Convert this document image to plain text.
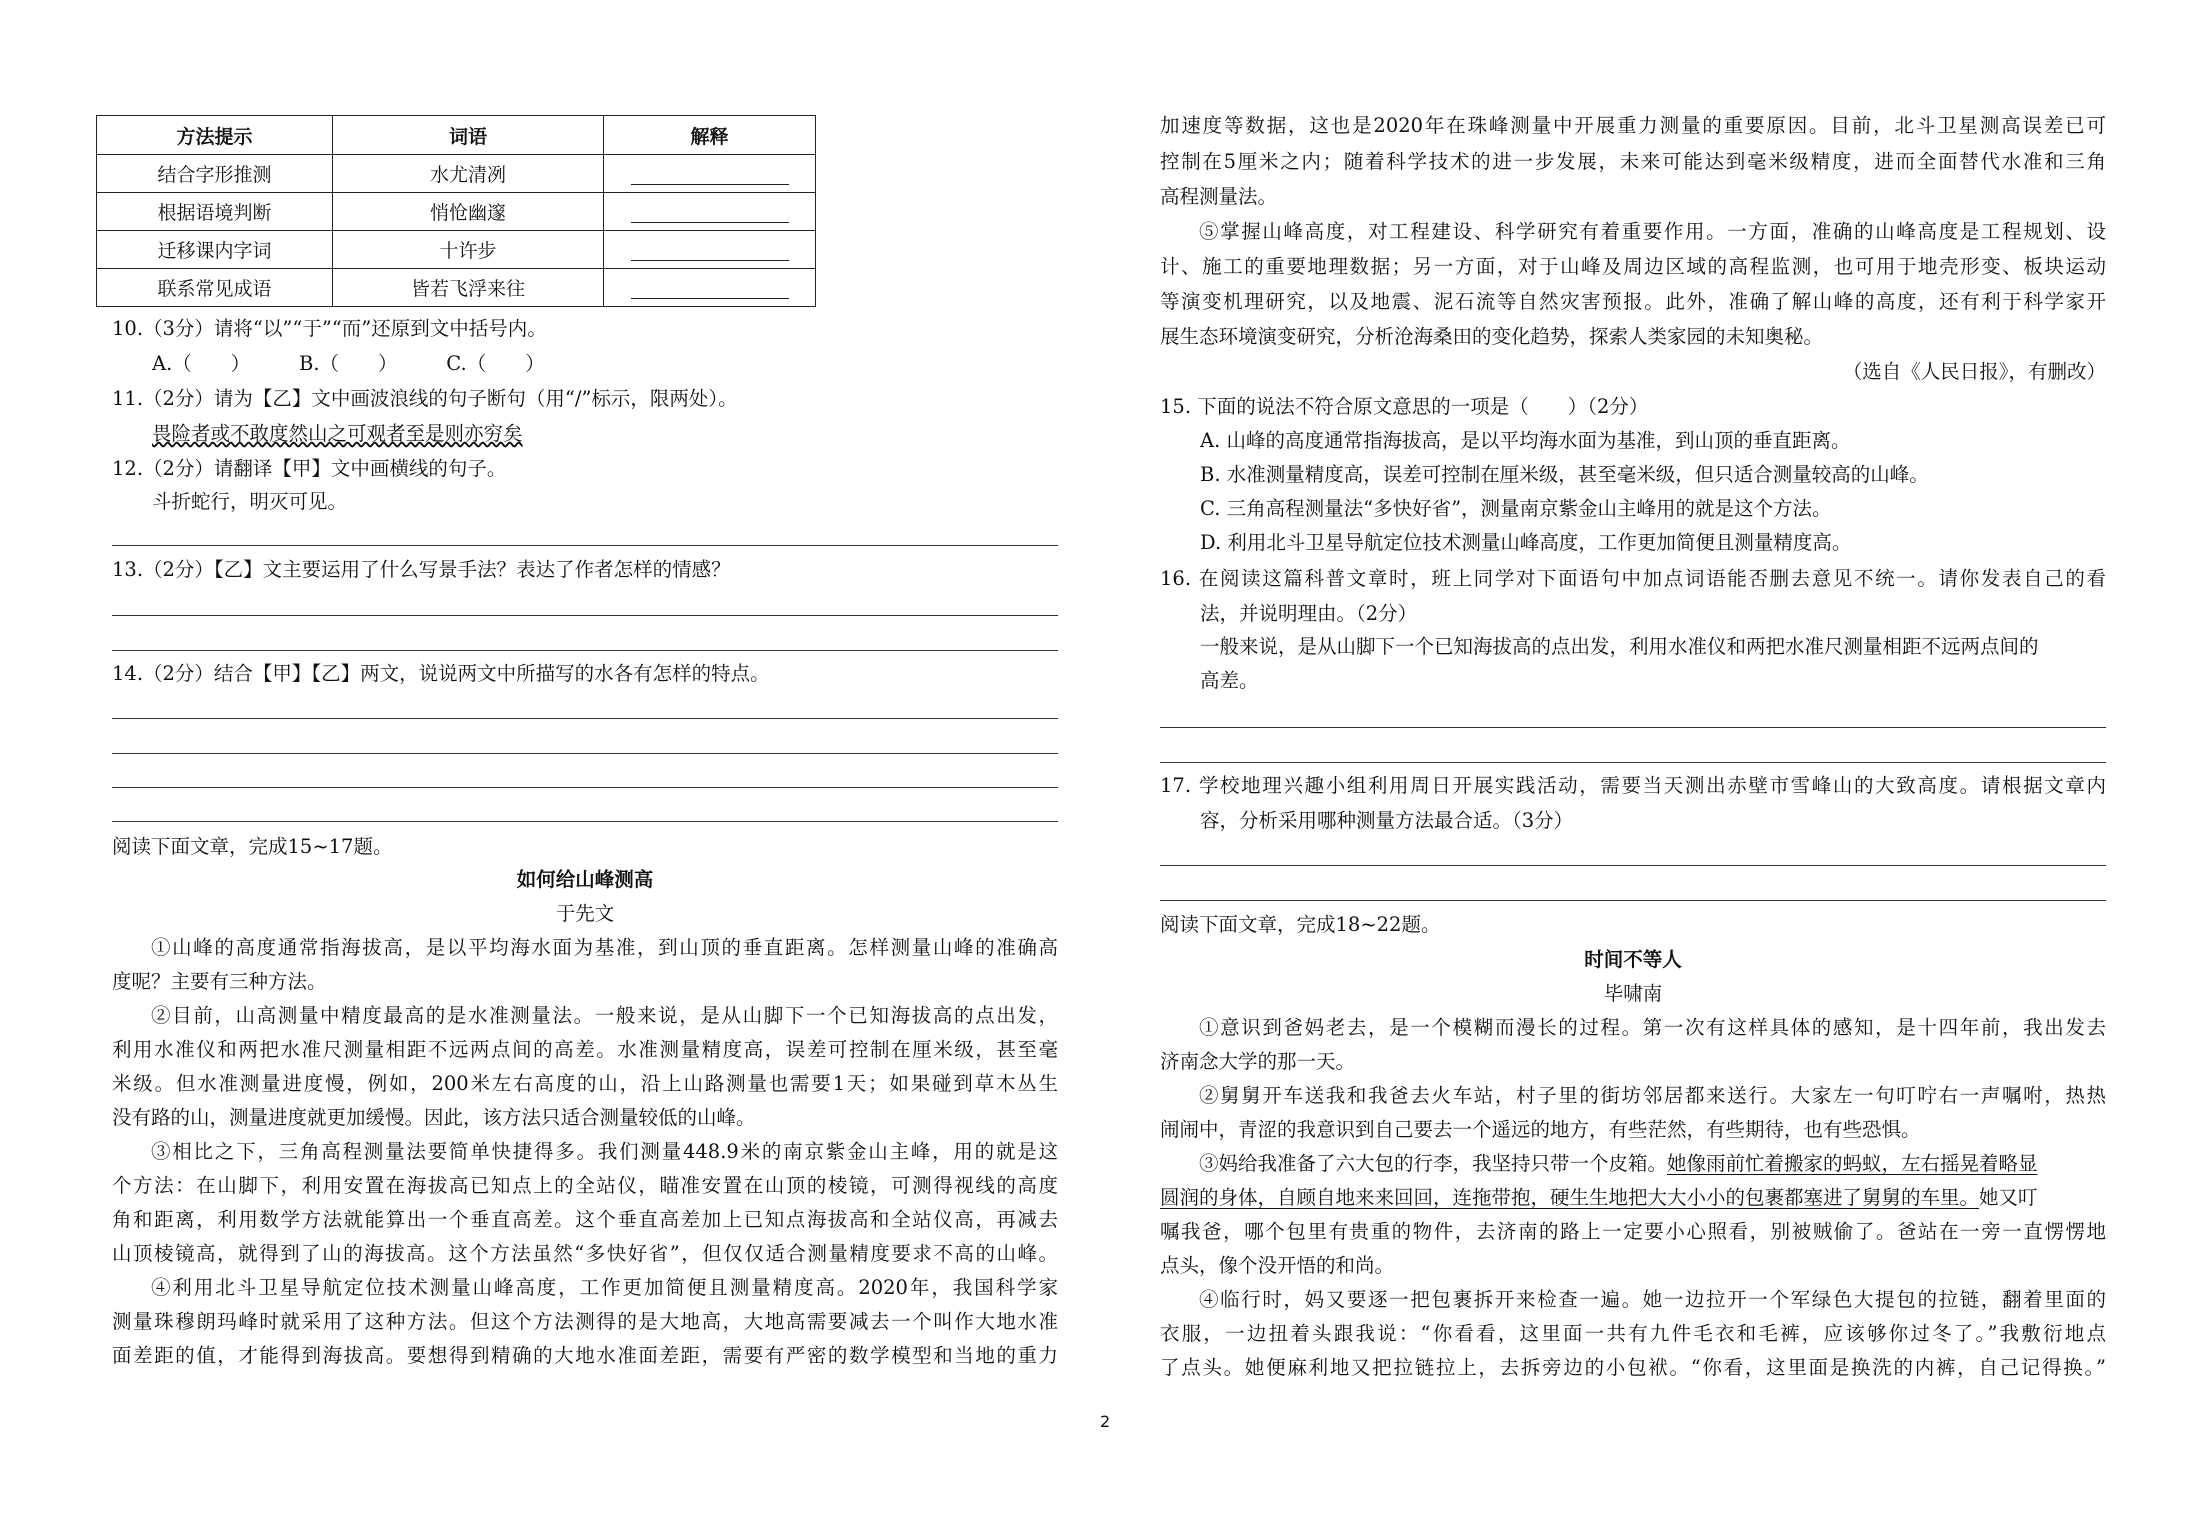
方法提示	词语	解释
结合字形推测	水尤清冽	
根据语境判断	悄怆幽邃	
迁移课内字词	十许步	
联系常见成语	皆若飞浮来往	
10.（3分）请将“以”“于”“而”还原到文中括号内。
A.（　　）　　　B.（　　）　　　C.（　　）
11.（2分）请为【乙】文中画波浪线的句子断句（用“/”标示，限两处）。
畏险者或不敢度然山之可观者至是则亦穷矣
12.（2分）请翻译【甲】文中画横线的句子。
斗折蛇行，明灭可见。
13.（2分）【乙】文主要运用了什么写景手法？表达了作者怎样的情感？
14.（2分）结合【甲】【乙】两文，说说两文中所描写的水各有怎样的特点。
阅读下面文章，完成15~17题。
如何给山峰测高
于先文
①山峰的高度通常指海拔高，是以平均海水面为基准，到山顶的垂直距离。怎样测量山峰的准确高
度呢？主要有三种方法。
②目前，山高测量中精度最高的是水准测量法。一般来说，是从山脚下一个已知海拔高的点出发，
利用水准仪和两把水准尺测量相距不远两点间的高差。水准测量精度高，误差可控制在厘米级，甚至毫
米级。但水准测量进度慢，例如，200米左右高度的山，沿上山路测量也需要1天；如果碰到草木丛生
没有路的山，测量进度就更加缓慢。因此，该方法只适合测量较低的山峰。
③相比之下，三角高程测量法要简单快捷得多。我们测量448.9米的南京紫金山主峰，用的就是这
个方法：在山脚下，利用安置在海拔高已知点上的全站仪，瞄准安置在山顶的棱镜，可测得视线的高度
角和距离，利用数学方法就能算出一个垂直高差。这个垂直高差加上已知点海拔高和全站仪高，再减去
山顶棱镜高，就得到了山的海拔高。这个方法虽然“多快好省”，但仅仅适合测量精度要求不高的山峰。
④利用北斗卫星导航定位技术测量山峰高度，工作更加简便且测量精度高。2020年，我国科学家
测量珠穆朗玛峰时就采用了这种方法。但这个方法测得的是大地高，大地高需要减去一个叫作大地水准
面差距的值，才能得到海拔高。要想得到精确的大地水准面差距，需要有严密的数学模型和当地的重力
加速度等数据，这也是2020年在珠峰测量中开展重力测量的重要原因。目前，北斗卫星测高误差已可
控制在5厘米之内；随着科学技术的进一步发展，未来可能达到毫米级精度，进而全面替代水准和三角
高程测量法。
⑤掌握山峰高度，对工程建设、科学研究有着重要作用。一方面，准确的山峰高度是工程规划、设
计、施工的重要地理数据；另一方面，对于山峰及周边区域的高程监测，也可用于地壳形变、板块运动
等演变机理研究，以及地震、泥石流等自然灾害预报。此外，准确了解山峰的高度，还有利于科学家开
展生态环境演变研究，分析沧海桑田的变化趋势，探索人类家园的未知奥秘。
（选自《人民日报》，有删改）
15. 下面的说法不符合原文意思的一项是（　　）（2分）
A. 山峰的高度通常指海拔高，是以平均海水面为基准，到山顶的垂直距离。
B. 水准测量精度高，误差可控制在厘米级，甚至毫米级，但只适合测量较高的山峰。
C. 三角高程测量法“多快好省”，测量南京紫金山主峰用的就是这个方法。
D. 利用北斗卫星导航定位技术测量山峰高度，工作更加简便且测量精度高。
16. 在阅读这篇科普文章时，班上同学对下面语句中加点词语能否删去意见不统一。请你发表自己的看
法，并说明理由。（2分）
一般来说，是从山脚下一个已知海拔高的点出发，利用水准仪和两把水准尺测量相距不远两点间的
高差。
17. 学校地理兴趣小组利用周日开展实践活动，需要当天测出赤壁市雪峰山的大致高度。请根据文章内
容，分析采用哪种测量方法最合适。（3分）
阅读下面文章，完成18~22题。
时间不等人
毕啸南
①意识到爸妈老去，是一个模糊而漫长的过程。第一次有这样具体的感知，是十四年前，我出发去
济南念大学的那一天。
②舅舅开车送我和我爸去火车站，村子里的街坊邻居都来送行。大家左一句叮咛右一声嘱咐，热热
闹闹中，青涩的我意识到自己要去一个遥远的地方，有些茫然，有些期待，也有些恐惧。
③妈给我准备了六大包的行李，我坚持只带一个皮箱。她像雨前忙着搬家的蚂蚁，左右摇晃着略显
圆润的身体，自顾自地来来回回，连拖带抱，硬生生地把大大小小的包裹都塞进了舅舅的车里。她又叮
嘱我爸，哪个包里有贵重的物件，去济南的路上一定要小心照看，别被贼偷了。爸站在一旁一直愣愣地
点头，像个没开悟的和尚。
④临行时，妈又要逐一把包裹拆开来检查一遍。她一边拉开一个军绿色大提包的拉链，翻着里面的
衣服，一边扭着头跟我说：“你看看，这里面一共有九件毛衣和毛裤，应该够你过冬了。”我敷衍地点
了点头。她便麻利地又把拉链拉上，去拆旁边的小包袱。“你看，这里面是换洗的内裤，自己记得换。”
2
